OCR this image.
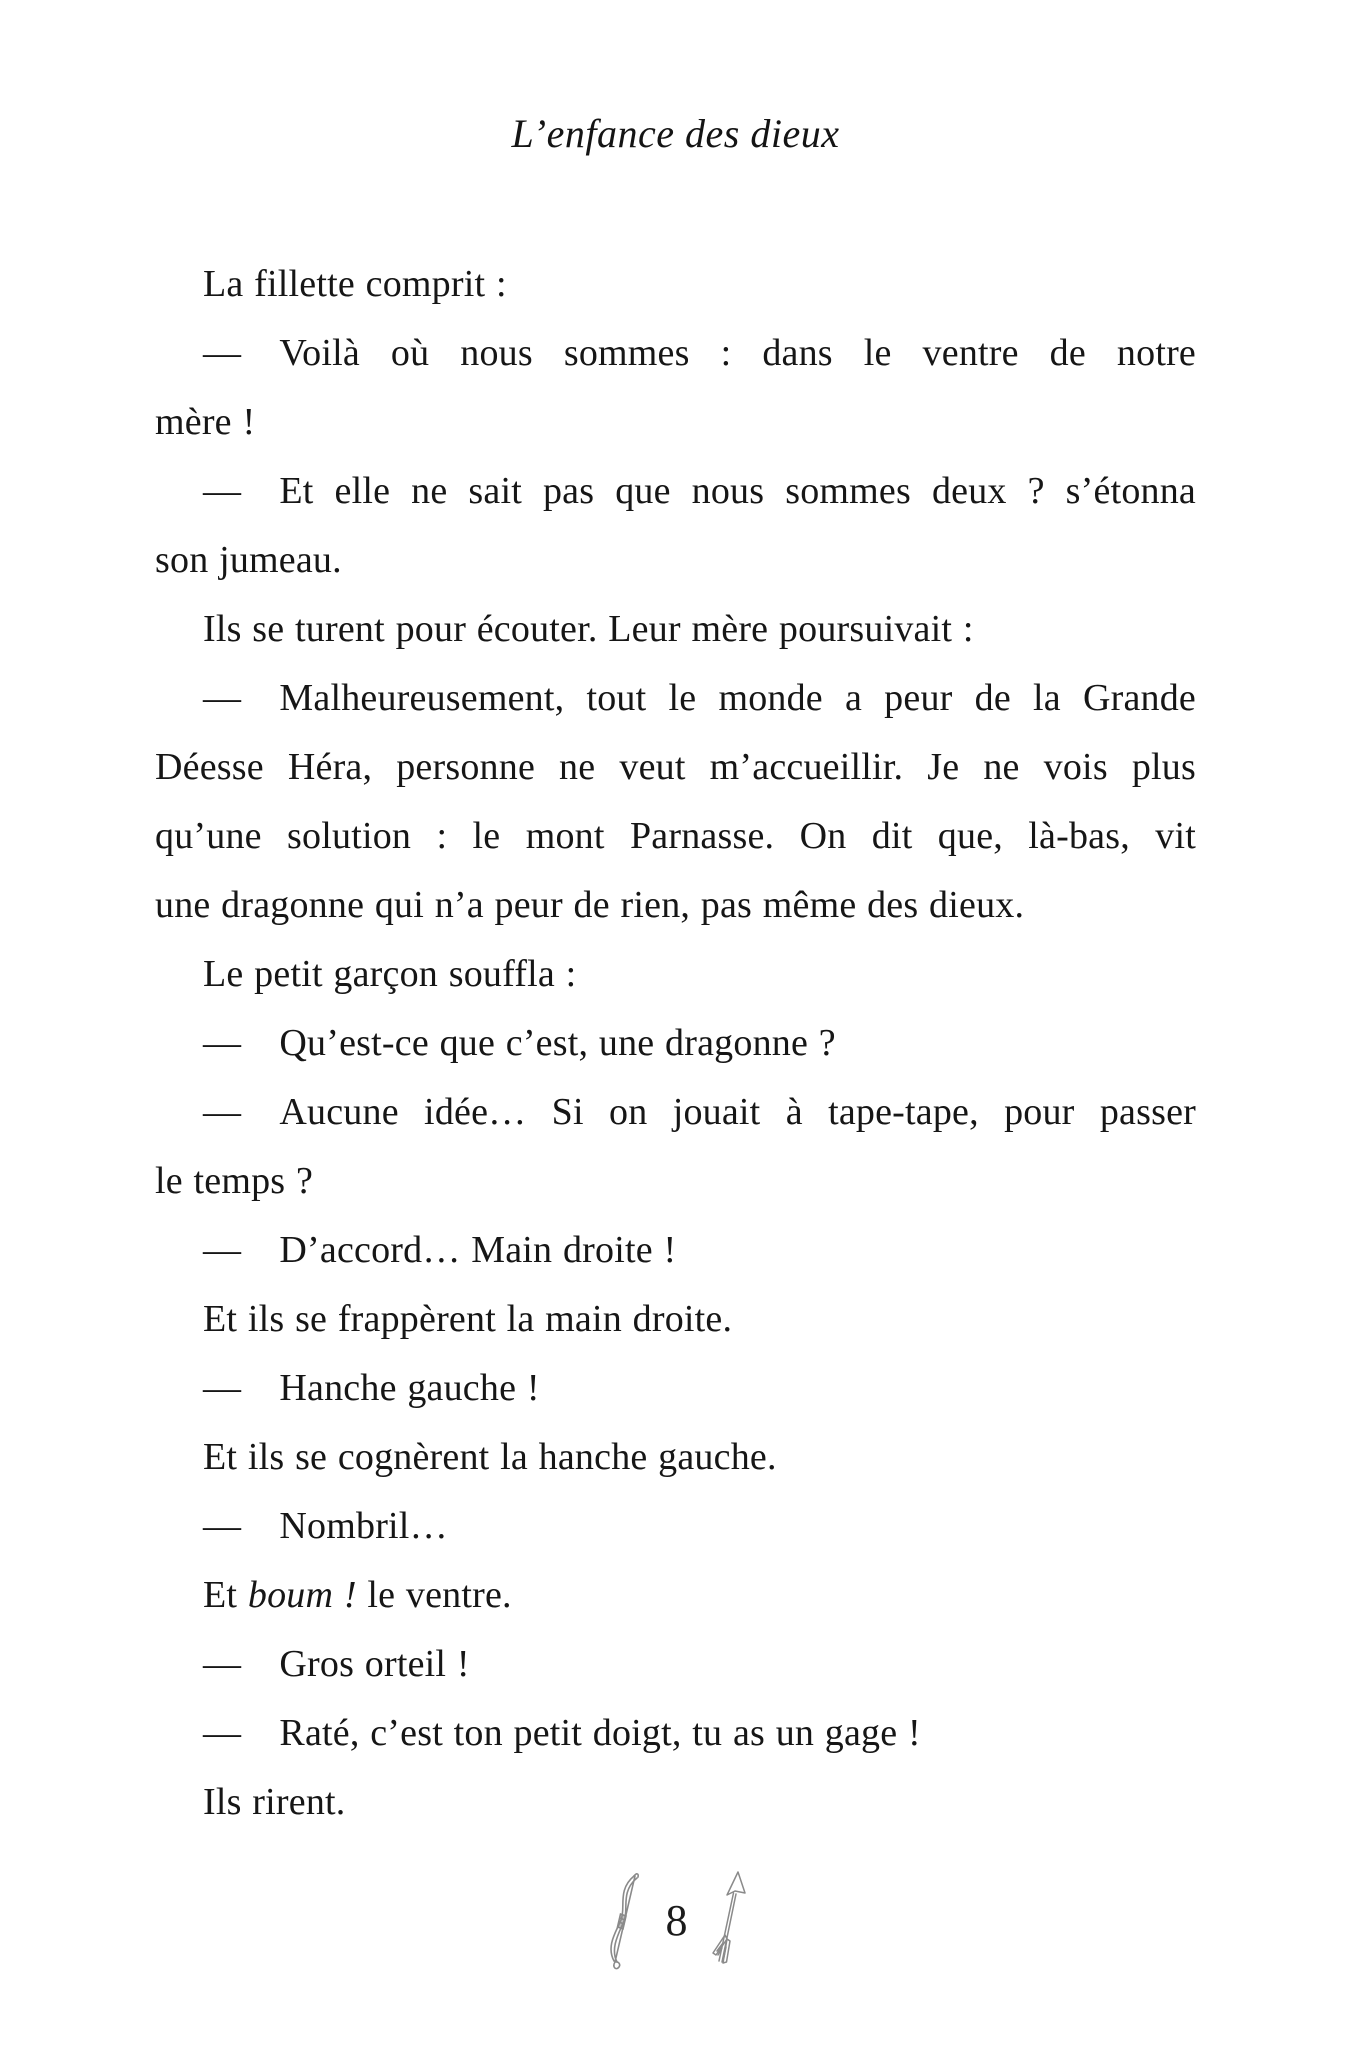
L’enfance des dieux
La fillette comprit :
— Voilà où nous sommes : dans le ventre de notre
mère !
— Et elle ne sait pas que nous sommes deux ? s’étonna
son jumeau.
Ils se turent pour écouter. Leur mère poursuivait :
— Malheureusement, tout le monde a peur de la Grande
Déesse Héra, personne ne veut m’accueillir. Je ne vois plus
qu’une solution : le mont Parnasse. On dit que, là-bas, vit
une dragonne qui n’a peur de rien, pas même des dieux.
Le petit garçon souffla :
— Qu’est-ce que c’est, une dragonne ?
— Aucune idée… Si on jouait à tape-tape, pour passer
le temps ?
— D’accord… Main droite !
Et ils se frappèrent la main droite.
— Hanche gauche !
Et ils se cognèrent la hanche gauche.
— Nombril…
Et boum ! le ventre.
— Gros orteil !
— Raté, c’est ton petit doigt, tu as un gage !
Ils rirent.
8
